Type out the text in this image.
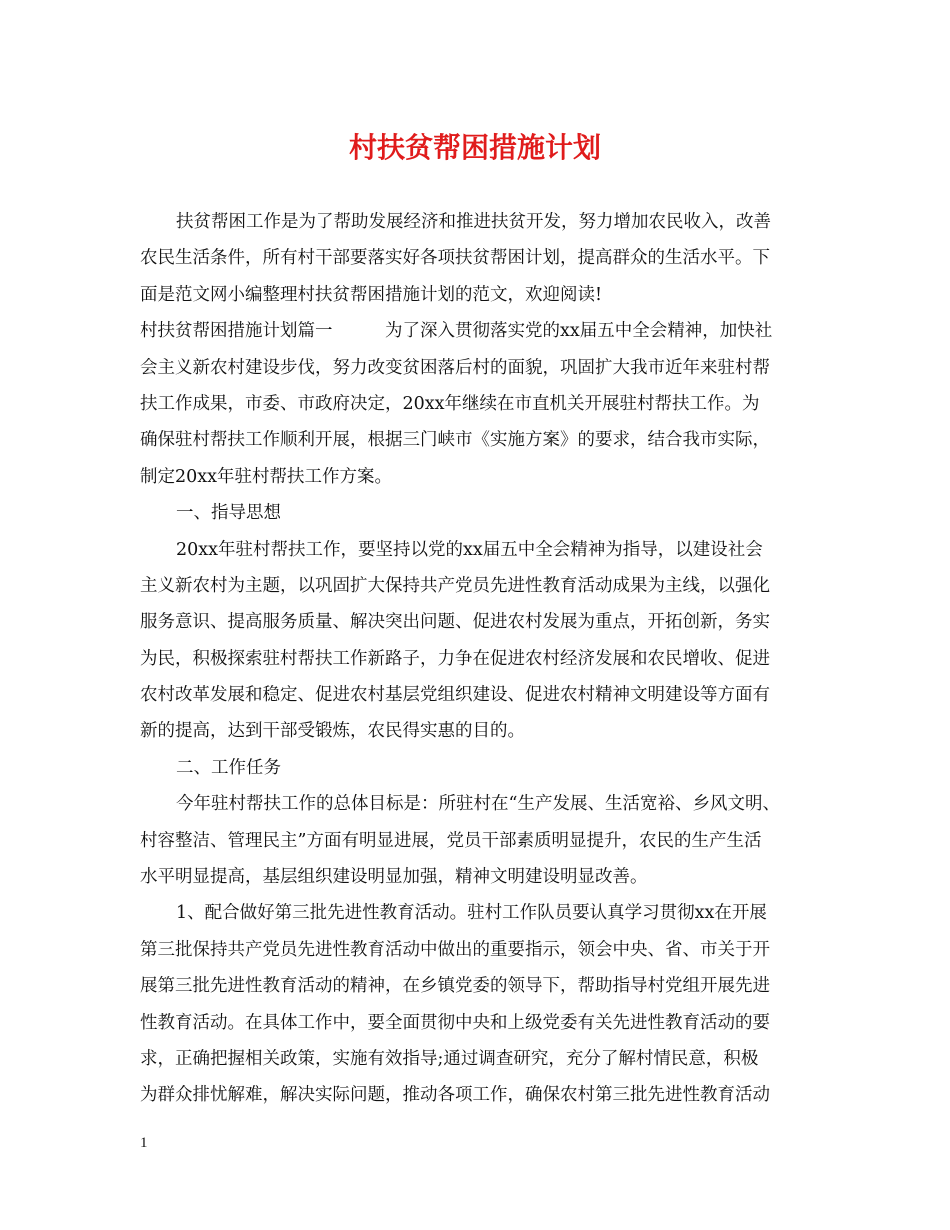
村扶贫帮困措施计划
扶贫帮困工作是为了帮助发展经济和推进扶贫开发，努力增加农民收入，改善
农民生活条件，所有村干部要落实好各项扶贫帮困计划，提高群众的生活水平。下
面是范文网小编整理村扶贫帮困措施计划的范文，欢迎阅读!
村扶贫帮困措施计划篇一　　　为了深入贯彻落实党的xx届五中全会精神，加快社
会主义新农村建设步伐，努力改变贫困落后村的面貌，巩固扩大我市近年来驻村帮
扶工作成果，市委、市政府决定，20xx年继续在市直机关开展驻村帮扶工作。为
确保驻村帮扶工作顺利开展，根据三门峡市《实施方案》的要求，结合我市实际，
制定20xx年驻村帮扶工作方案。
一、指导思想
20xx年驻村帮扶工作，要坚持以党的xx届五中全会精神为指导，以建设社会
主义新农村为主题，以巩固扩大保持共产党员先进性教育活动成果为主线，以强化
服务意识、提高服务质量、解决突出问题、促进农村发展为重点，开拓创新，务实
为民，积极探索驻村帮扶工作新路子，力争在促进农村经济发展和农民增收、促进
农村改革发展和稳定、促进农村基层党组织建设、促进农村精神文明建设等方面有
新的提高，达到干部受锻炼，农民得实惠的目的。
二、工作任务
今年驻村帮扶工作的总体目标是：所驻村在“生产发展、生活宽裕、乡风文明、
村容整洁、管理民主”方面有明显进展，党员干部素质明显提升，农民的生产生活
水平明显提高，基层组织建设明显加强，精神文明建设明显改善。
1、配合做好第三批先进性教育活动。驻村工作队员要认真学习贯彻xx在开展
第三批保持共产党员先进性教育活动中做出的重要指示，领会中央、省、市关于开
展第三批先进性教育活动的精神，在乡镇党委的领导下，帮助指导村党组开展先进
性教育活动。在具体工作中，要全面贯彻中央和上级党委有关先进性教育活动的要
求，正确把握相关政策，实施有效指导;通过调查研究，充分了解村情民意，积极
为群众排忧解难，解决实际问题，推动各项工作，确保农村第三批先进性教育活动
1
